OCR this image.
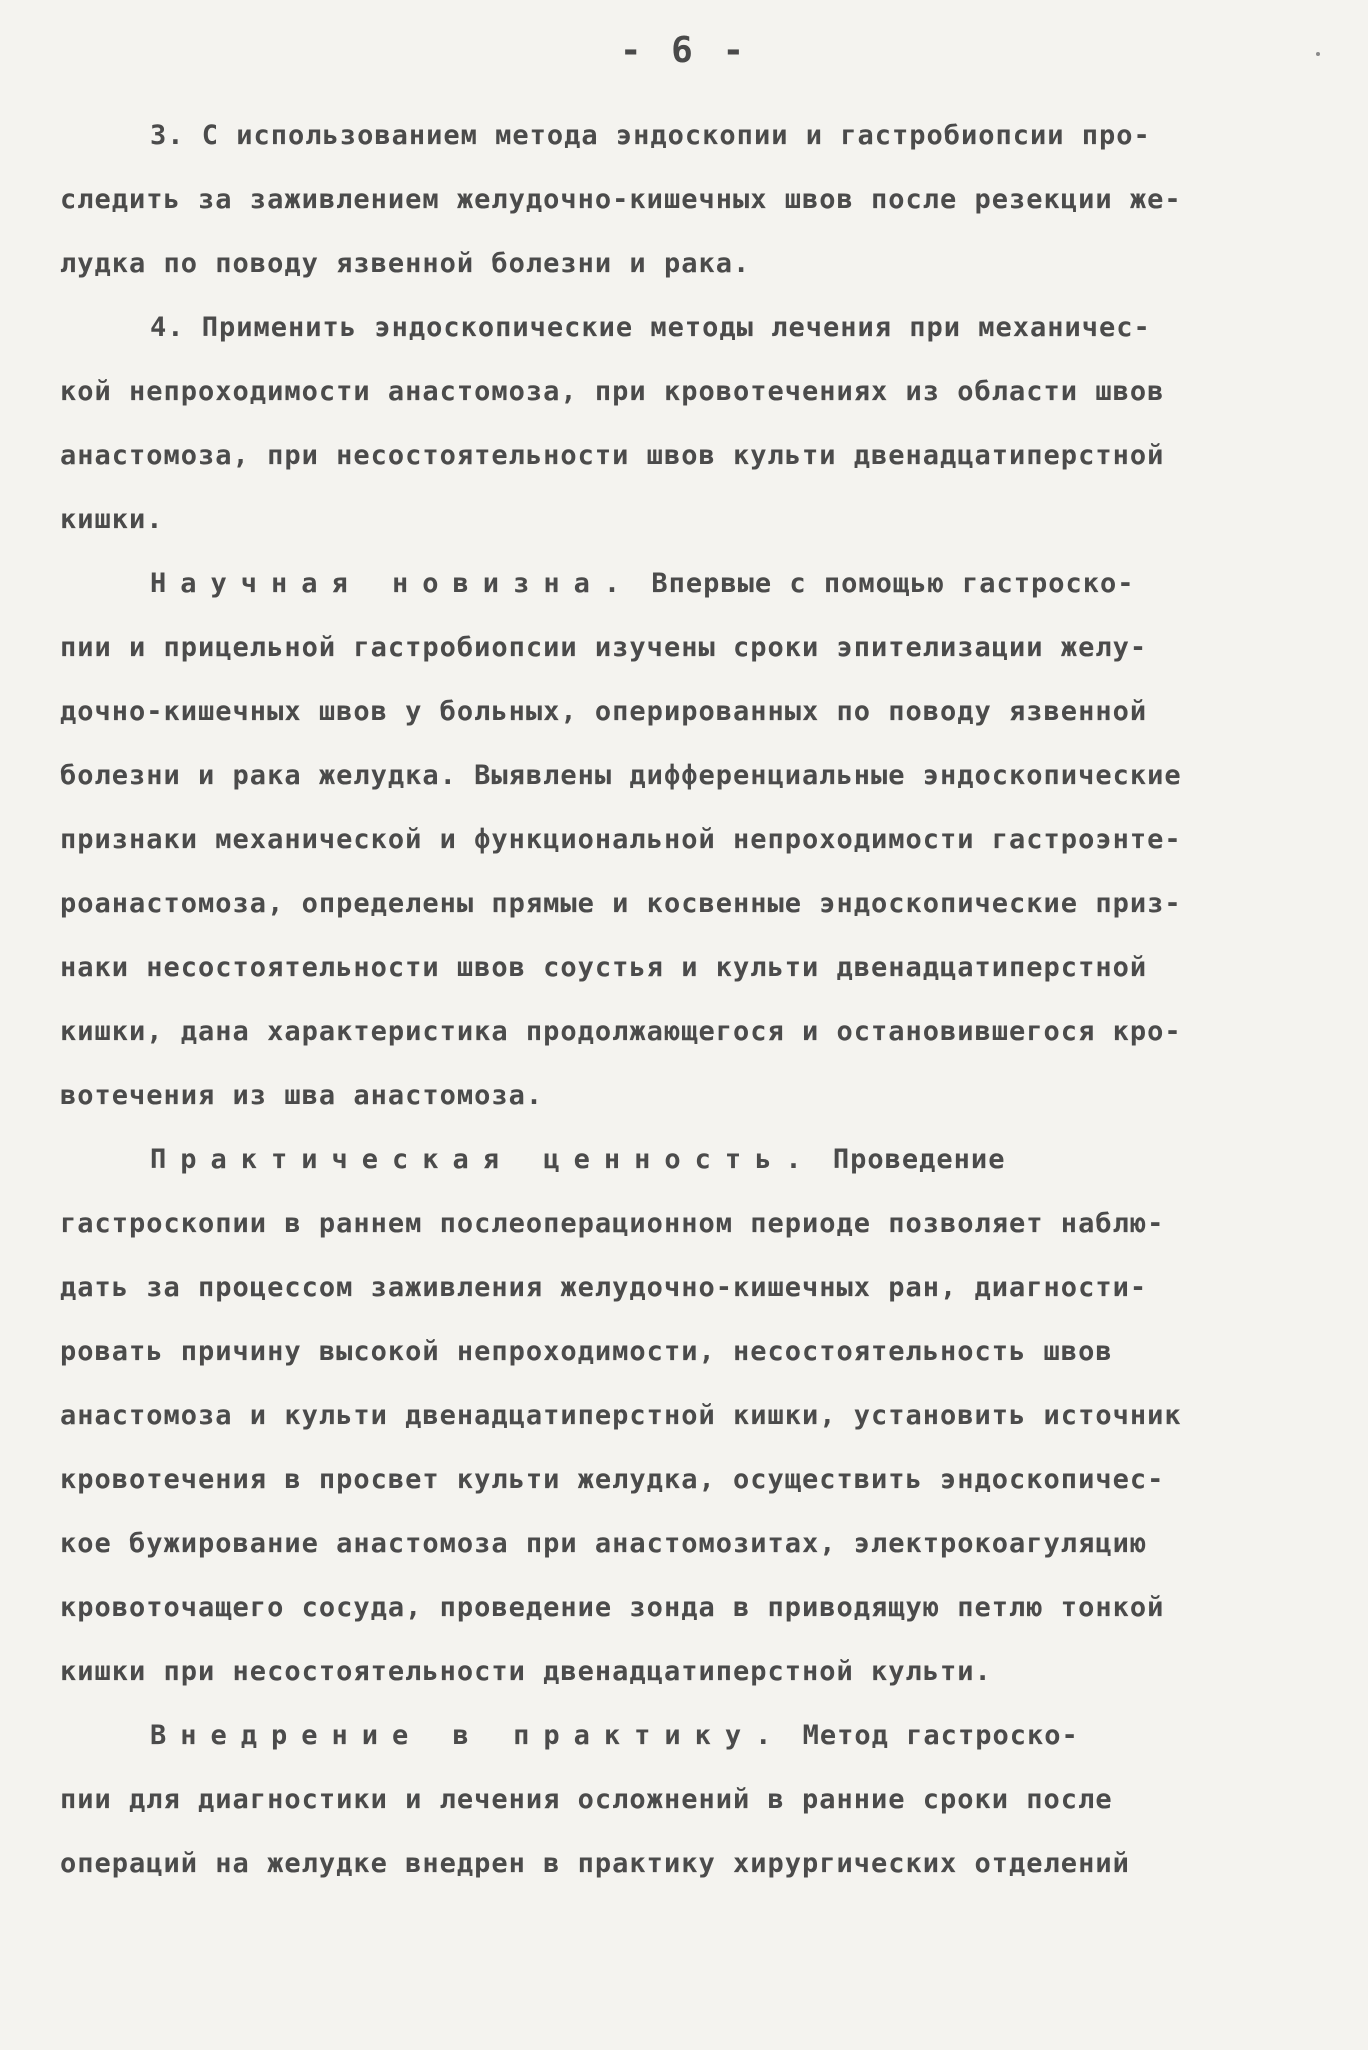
- 6 -
3. С использованием метода эндоскопии и гастробиопсии про-
следить за заживлением желудочно-кишечных швов после резекции же-
лудка по поводу язвенной болезни и рака.
4. Применить эндоскопические методы лечения при механичес-
кой непроходимости анастомоза, при кровотечениях из области швов
анастомоза, при несостоятельности швов культи двенадцатиперстной
кишки.
Научная новизна. Впервые с помощью гастроско-
пии и прицельной гастробиопсии изучены сроки эпителизации желу-
дочно-кишечных швов у больных, оперированных по поводу язвенной
болезни и рака желудка. Выявлены дифференциальные эндоскопические
признаки механической и функциональной непроходимости гастроэнте-
роанастомоза, определены прямые и косвенные эндоскопические приз-
наки несостоятельности швов соустья и культи двенадцатиперстной
кишки, дана характеристика продолжающегося и остановившегося кро-
вотечения из шва анастомоза.
Практическая ценность. Проведение
гастроскопии в раннем послеоперационном периоде позволяет наблю-
дать за процессом заживления желудочно-кишечных ран, диагности-
ровать причину высокой непроходимости, несостоятельность швов
анастомоза и культи двенадцатиперстной кишки, установить источник
кровотечения в просвет культи желудка, осуществить эндоскопичес-
кое бужирование анастомоза при анастомозитах, электрокоагуляцию
кровоточащего сосуда, проведение зонда в приводящую петлю тонкой
кишки при несостоятельности двенадцатиперстной культи.
Внедрение в практику. Метод гастроско-
пии для диагностики и лечения осложнений в ранние сроки после
операций на желудке внедрен в практику хирургических отделений
